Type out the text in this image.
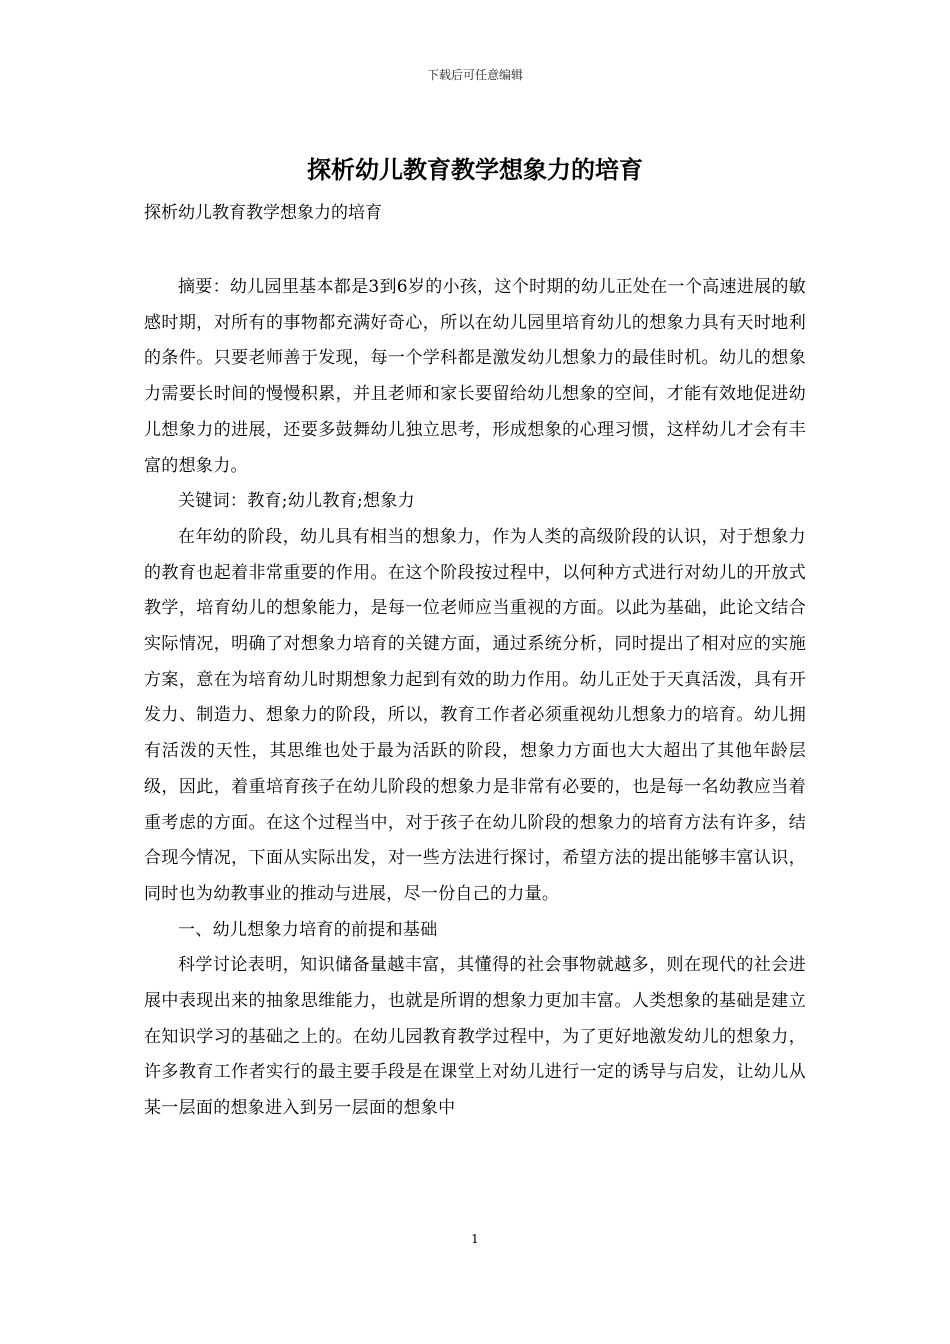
下载后可任意编辑
探析幼儿教育教学想象力的培育

探析幼儿教育教学想象力的培育

摘要：幼儿园里基本都是3到6岁的小孩，这个时期的幼儿正处在一个高速进展的敏感时期，对所有的事物都充满好奇心，所以在幼儿园里培育幼儿的想象力具有天时地利的条件。只要老师善于发现，每一个学科都是激发幼儿想象力的最佳时机。幼儿的想象力需要长时间的慢慢积累，并且老师和家长要留给幼儿想象的空间，才能有效地促进幼儿想象力的进展，还要多鼓舞幼儿独立思考，形成想象的心理习惯，这样幼儿才会有丰富的想象力。

关键词：教育;幼儿教育;想象力

在年幼的阶段，幼儿具有相当的想象力，作为人类的高级阶段的认识，对于想象力的教育也起着非常重要的作用。在这个阶段按过程中，以何种方式进行对幼儿的开放式教学，培育幼儿的想象能力，是每一位老师应当重视的方面。以此为基础，此论文结合实际情况，明确了对想象力培育的关键方面，通过系统分析，同时提出了相对应的实施方案，意在为培育幼儿时期想象力起到有效的助力作用。幼儿正处于天真活泼，具有开发力、制造力、想象力的阶段，所以，教育工作者必须重视幼儿想象力的培育。幼儿拥有活泼的天性，其思维也处于最为活跃的阶段，想象力方面也大大超出了其他年龄层级，因此，着重培育孩子在幼儿阶段的想象力是非常有必要的，也是每一名幼教应当着重考虑的方面。在这个过程当中，对于孩子在幼儿阶段的想象力的培育方法有许多，结合现今情况，下面从实际出发，对一些方法进行探讨，希望方法的提出能够丰富认识，同时也为幼教事业的推动与进展，尽一份自己的力量。

一、幼儿想象力培育的前提和基础

科学讨论表明，知识储备量越丰富，其懂得的社会事物就越多，则在现代的社会进展中表现出来的抽象思维能力，也就是所谓的想象力更加丰富。人类想象的基础是建立在知识学习的基础之上的。在幼儿园教育教学过程中，为了更好地激发幼儿的想象力，许多教育工作者实行的最主要手段是在课堂上对幼儿进行一定的诱导与启发，让幼儿从某一层面的想象进入到另一层面的想象中

1
